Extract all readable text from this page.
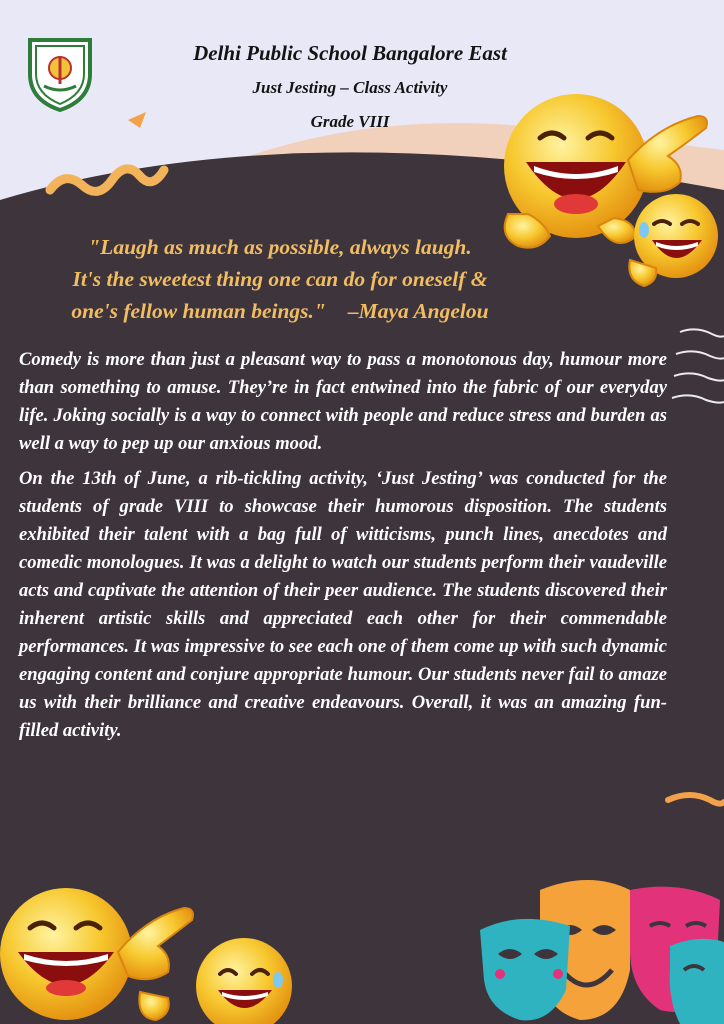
Delhi Public School Bangalore East
Just Jesting – Class Activity
Grade VIII
"Laugh as much as possible, always laugh.
It's the sweetest thing one can do for oneself &
one's fellow human beings." –Maya Angelou

Comedy is more than just a pleasant way to pass a monotonous day, humour more than something to amuse. They’re in fact entwined into the fabric of our everyday life. Joking socially is a way to connect with people and reduce stress and burden as well a way to pep up our anxious mood.

On the 13th of June, a rib-tickling activity, ‘Just Jesting’ was conducted for the students of grade VIII to showcase their humorous disposition. The students exhibited their talent with a bag full of witticisms, punch lines, anecdotes and comedic monologues. It was a delight to watch our students perform their vaudeville acts and captivate the attention of their peer audience. The students discovered their inherent artistic skills and appreciated each other for their commendable performances. It was impressive to see each one of them come up with such dynamic engaging content and conjure appropriate humour. Our students never fail to amaze us with their brilliance and creative endeavours. Overall, it was an amazing fun-filled activity.
